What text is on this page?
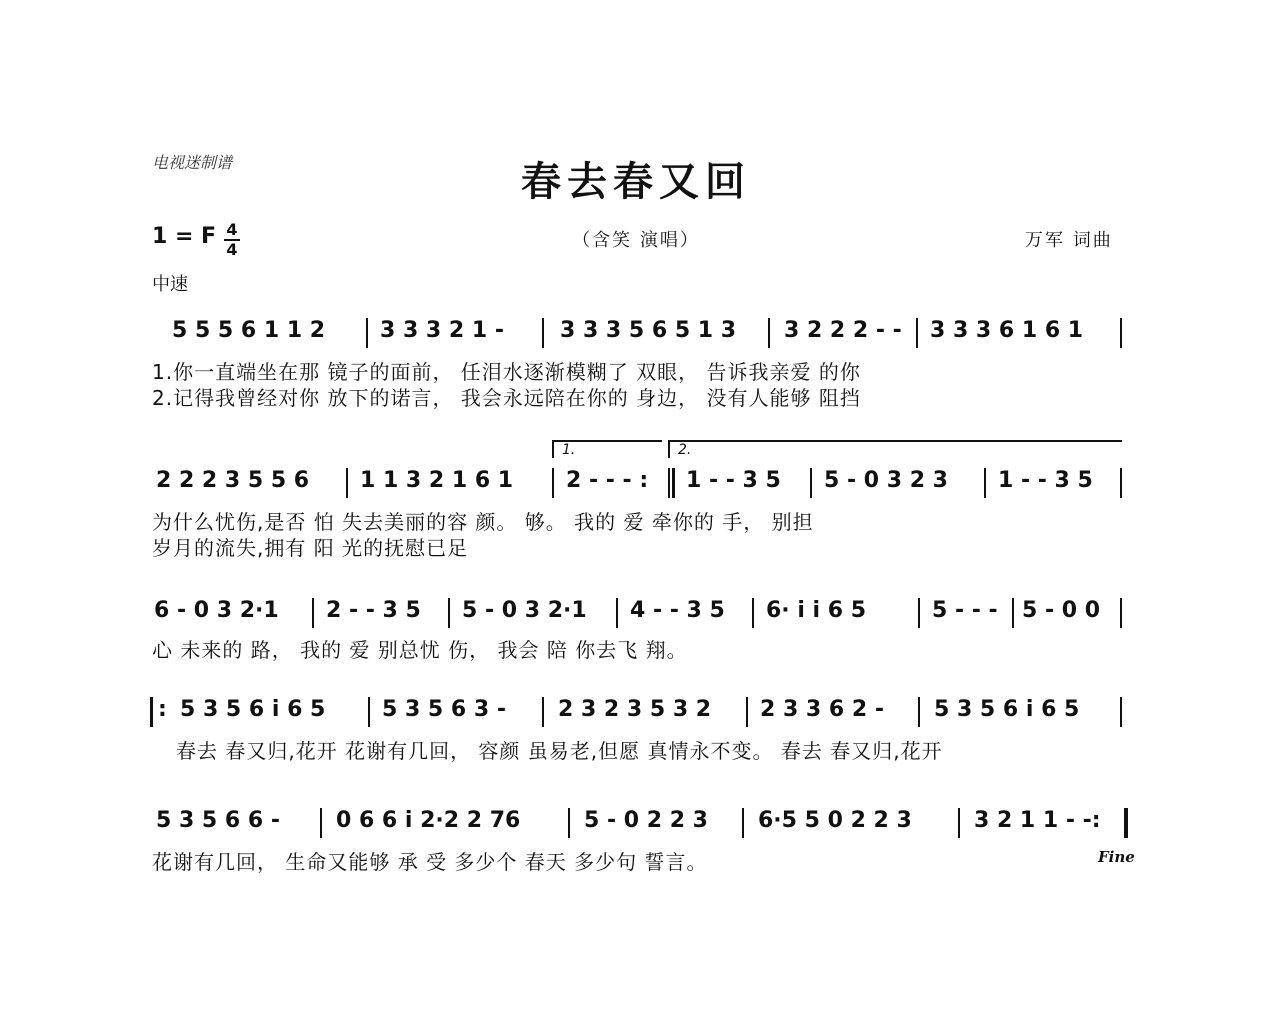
电视迷制谱	春去春又回
1 = F 4
4	（含笑 演唱）	万军 词曲
中速
5 5 5 6 1 1 2 3 3 3 2 1 -	3 3 3 5 6 5 1 3 3 2 2 2 - - 3 3 3 6 1 6 1
1.你一直端坐在那 镜子的面前， 任泪水逐渐模糊了 双眼， 告诉我亲爱 的你
2.记得我曾经对你 放下的诺言， 我会永远陪在你的 身边， 没有人能够 阻挡
1.	2.
2 2 2 3 5 5 6 1 1 3 2 1 6 1 2 - - - : 1 - - 3 5 5 - 0 3 2 3 1 - - 3 5
为什么忧伤,是否 怕 失去美丽的容 颜。 够。 我的 爱 牵你的 手， 别担
岁月的流失,拥有 阳 光的抚慰已足
6 - 0 3 2·1 2 - - 3 5 5 - 0 3 2·1 4 - - 3 5 6· i i 6 5	5 - - - 5 - 0 0
心 未来的 路， 我的 爱 别总忧 伤， 我会 陪 你去飞 翔。
: 5 3 5 6 i 6 5	5 3 5 6 3 - 2 3 2 3 5 3 2 2 3 3 6 2 - 5 3 5 6 i 6 5
春去 春又归,花开 花谢有几回， 容颜 虽易老,但愿 真情永不变。 春去 春又归,花开
5 3 5 6 6 -	0 6 6 i 2·2 2 76	5 - 0 2 2 3 6·5 5 0 2 2 3	3 2 1 1 - -:
花谢有几回， 生命又能够 承 受 多少个 春天 多少句 誓言。	Fine
